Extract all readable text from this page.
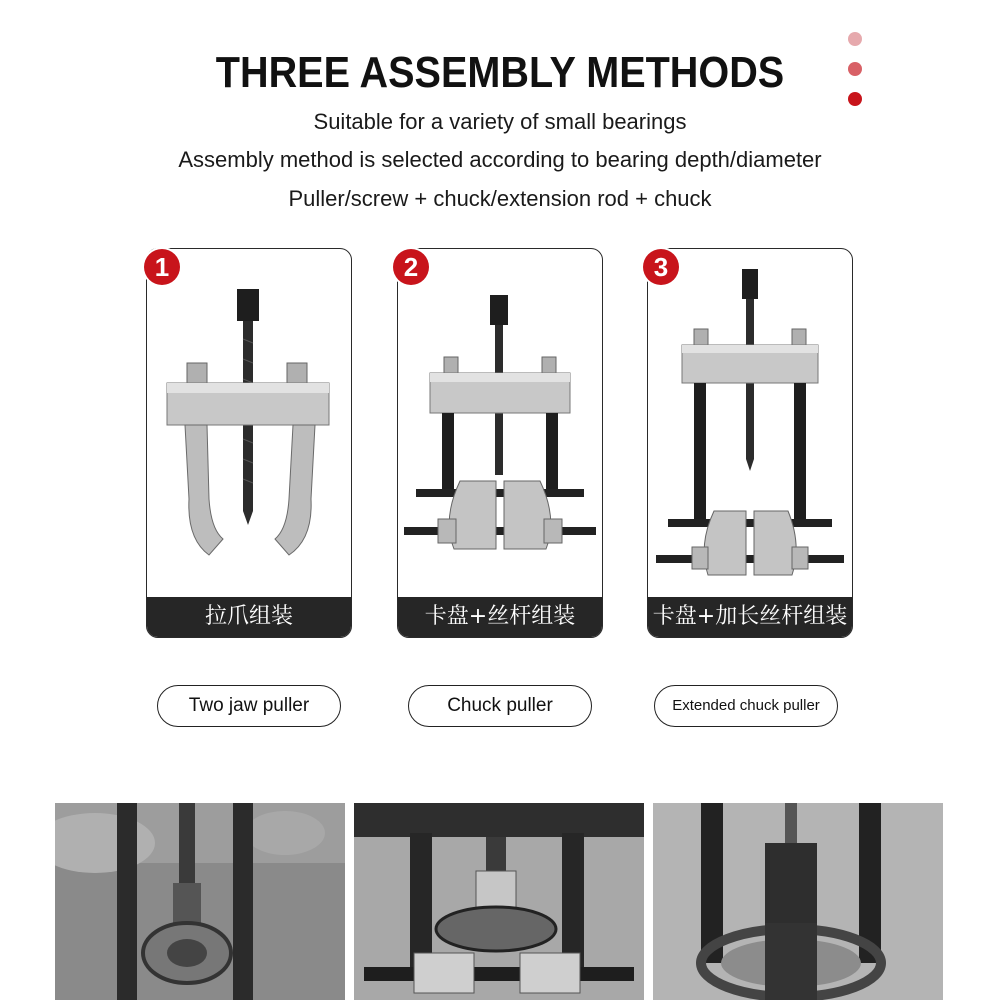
THREE ASSEMBLY METHODS
Suitable for a variety of small bearings
Assembly method is selected according to bearing depth/diameter
Puller/screw + chuck/extension rod + chuck
拉爪组装
1
卡盘+丝杆组装
2
卡盘+加长丝杆组装
3
Two jaw puller	Chuck puller	Extended chuck puller
